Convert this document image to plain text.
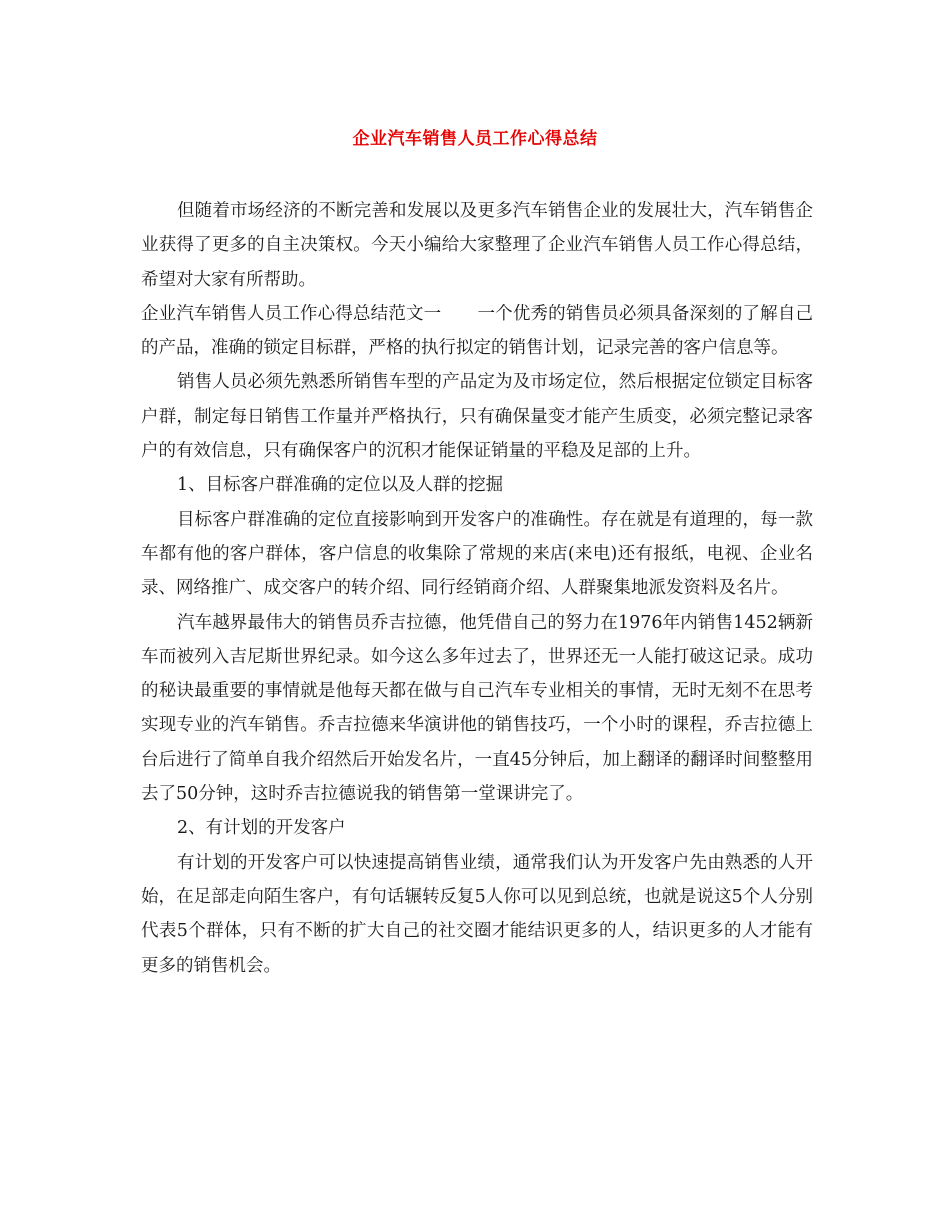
企业汽车销售人员工作心得总结

但随着市场经济的不断完善和发展以及更多汽车销售企业的发展壮大，汽车销售企业获得了更多的自主决策权。今天小编给大家整理了企业汽车销售人员工作心得总结，希望对大家有所帮助。

企业汽车销售人员工作心得总结范文一 一个优秀的销售员必须具备深刻的了解自己的产品，准确的锁定目标群，严格的执行拟定的销售计划，记录完善的客户信息等。

销售人员必须先熟悉所销售车型的产品定为及市场定位，然后根据定位锁定目标客户群，制定每日销售工作量并严格执行，只有确保量变才能产生质变，必须完整记录客户的有效信息，只有确保客户的沉积才能保证销量的平稳及足部的上升。

1、目标客户群准确的定位以及人群的挖掘

目标客户群准确的定位直接影响到开发客户的准确性。存在就是有道理的，每一款车都有他的客户群体，客户信息的收集除了常规的来店(来电)还有报纸，电视、企业名录、网络推广、成交客户的转介绍、同行经销商介绍、人群聚集地派发资料及名片。

汽车越界最伟大的销售员乔吉拉德，他凭借自己的努力在1976年内销售1452辆新车而被列入吉尼斯世界纪录。如今这么多年过去了，世界还无一人能打破这记录。成功的秘诀最重要的事情就是他每天都在做与自己汽车专业相关的事情，无时无刻不在思考实现专业的汽车销售。乔吉拉德来华演讲他的销售技巧，一个小时的课程，乔吉拉德上台后进行了简单自我介绍然后开始发名片，一直45分钟后，加上翻译的翻译时间整整用去了50分钟，这时乔吉拉德说我的销售第一堂课讲完了。

2、有计划的开发客户

有计划的开发客户可以快速提高销售业绩，通常我们认为开发客户先由熟悉的人开始，在足部走向陌生客户，有句话辗转反复5人你可以见到总统，也就是说这5个人分别代表5个群体，只有不断的扩大自己的社交圈才能结识更多的人，结识更多的人才能有更多的销售机会。
